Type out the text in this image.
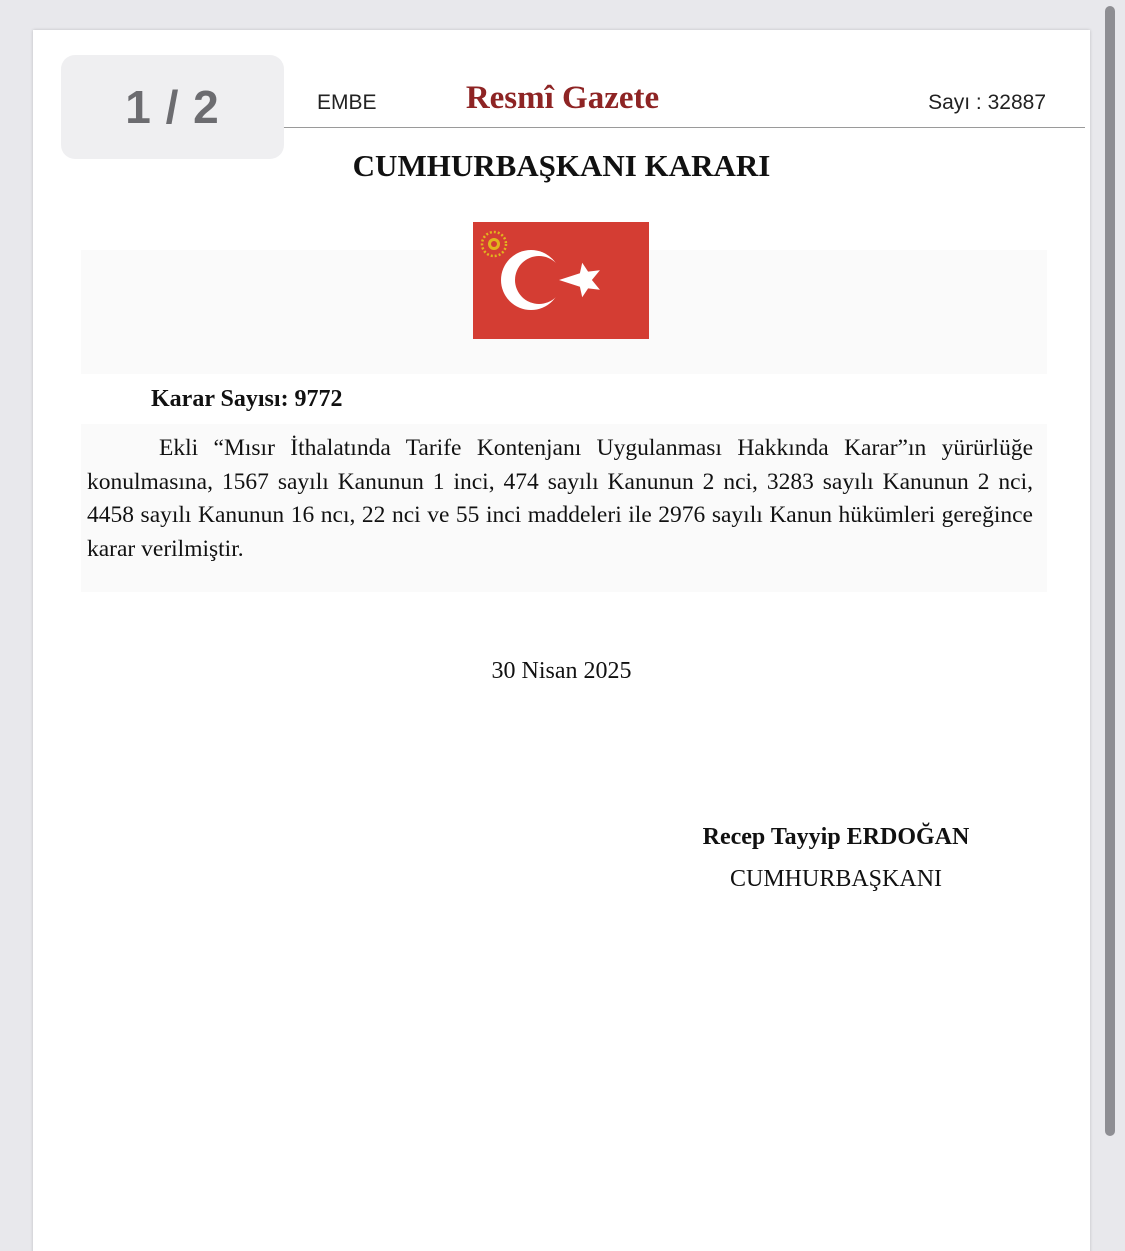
EMBE	Resmî Gazete	Sayı : 32887
CUMHURBAŞKANI KARARI
Karar Sayısı: 9772

Ekli “Mısır İthalatında Tarife Kontenjanı Uygulanması Hakkında Karar”ın yürürlüğe konulmasına, 1567 sayılı Kanunun 1 inci, 474 sayılı Kanunun 2 nci, 3283 sayılı Kanunun 2 nci, 4458 sayılı Kanunun 16 ncı, 22 nci ve 55 inci maddeleri ile 2976 sayılı Kanun hükümleri gereğince karar verilmiştir.

30 Nisan 2025
Recep Tayyip ERDOĞAN
CUMHURBAŞKANI
1 / 2
